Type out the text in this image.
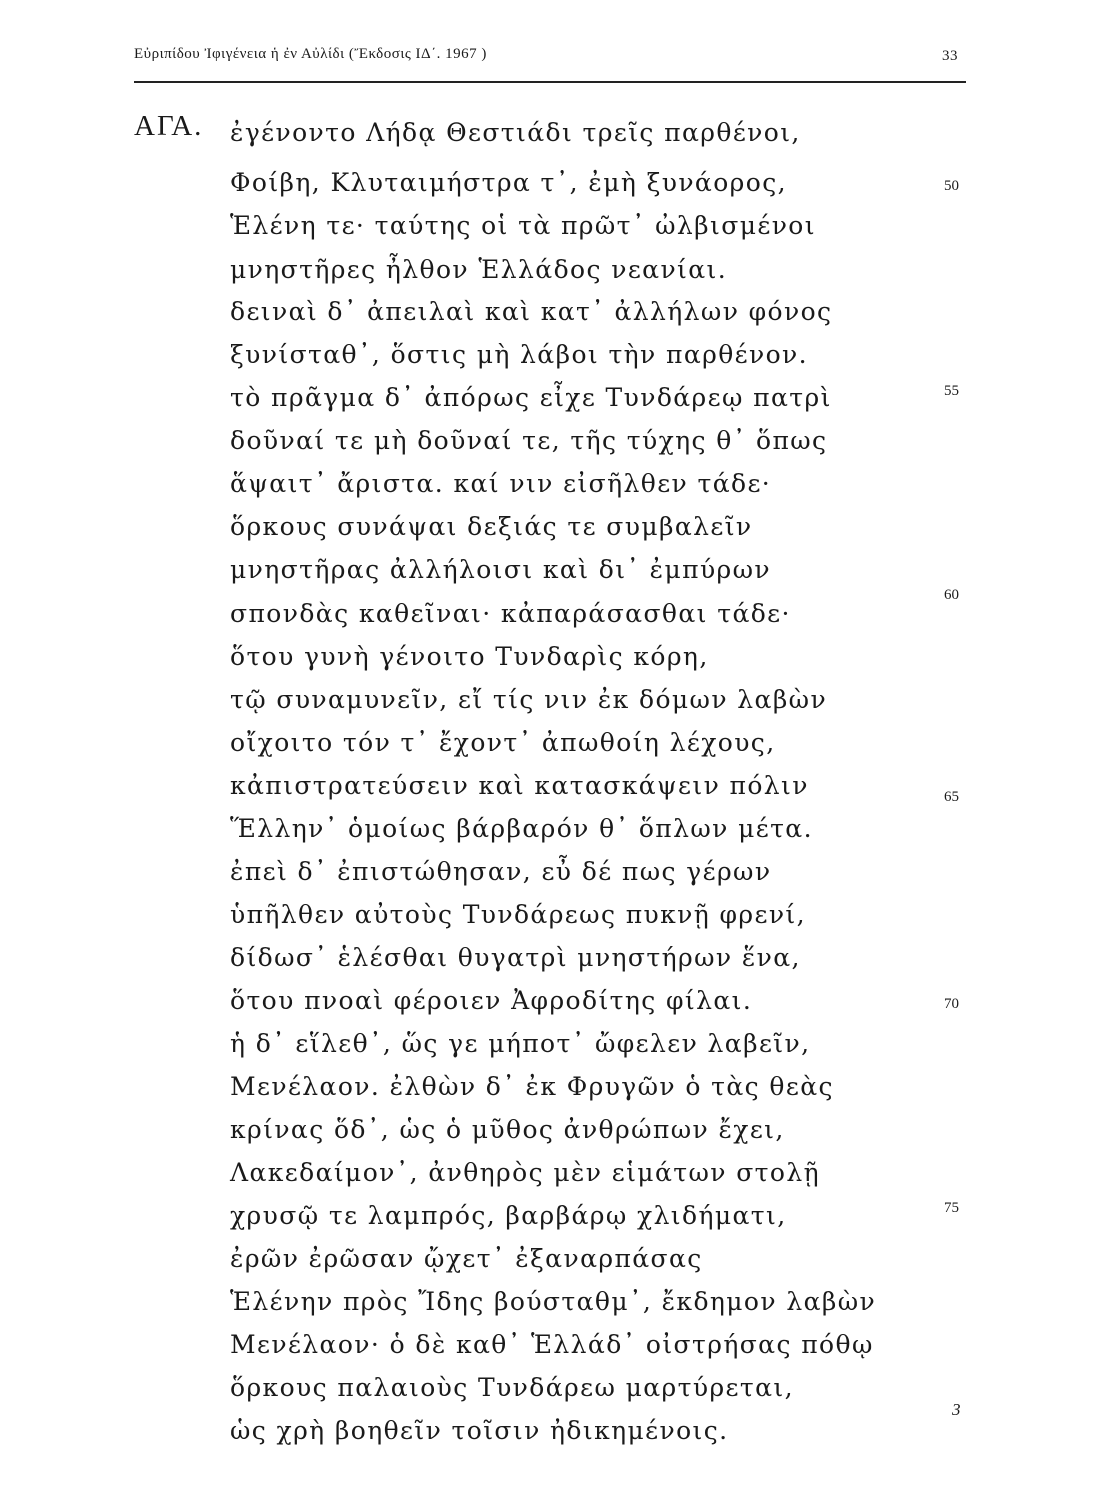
Εὐριπίδου Ἰφιγένεια ἡ ἐν Αὐλίδι (Ἔκδοσις ΙΔ΄. 1967 )	33
ΑΓΑ. ἐγένοντο Λήδᾳ Θεστιάδι τρεῖς παρθένοι,
Φοίβη, Κλυταιμήστρα τ᾿, ἐμὴ ξυνάορος,
Ἑλένη τε· ταύτης οἱ τὰ πρῶτ᾿ ὠλβισμένοι
μνηστῆρες ἦλθον Ἑλλάδος νεανίαι.
δειναὶ δ᾿ ἀπειλαὶ καὶ κατ᾿ ἀλλήλων φόνος
ξυνίσταθ᾿, ὅστις μὴ λάβοι τὴν παρθένον.
τὸ πρᾶγμα δ᾿ ἀπόρως εἶχε Τυνδάρεῳ πατρὶ
δοῦναί τε μὴ δοῦναί τε, τῆς τύχης θ᾿ ὅπως
ἅψαιτ᾿ ἄριστα. καί νιν εἰσῆλθεν τάδε·
ὅρκους συνάψαι δεξιάς τε συμβαλεῖν
μνηστῆρας ἀλλήλοισι καὶ δι᾿ ἐμπύρων
σπονδὰς καθεῖναι· κἀπαράσασθαι τάδε·
ὅτου γυνὴ γένοιτο Τυνδαρὶς κόρη,
τῷ συναμυνεῖν, εἴ τίς νιν ἐκ δόμων λαβὼν
οἴχοιτο τόν τ᾿ ἔχοντ᾿ ἀπωθοίη λέχους,
κἀπιστρατεύσειν καὶ κατασκάψειν πόλιν
Ἕλλην᾿ ὁμοίως βάρβαρόν θ᾿ ὅπλων μέτα.
ἐπεὶ δ᾿ ἐπιστώθησαν, εὖ δέ πως γέρων
ὑπῆλθεν αὐτοὺς Τυνδάρεως πυκνῇ φρενί,
δίδωσ᾿ ἑλέσθαι θυγατρὶ μνηστήρων ἕνα,
ὅτου πνοαὶ φέροιεν Ἀφροδίτης φίλαι.
ἡ δ᾿ εἵλεθ᾿, ὥς γε μήποτ᾿ ὤφελεν λαβεῖν,
Μενέλαον. ἐλθὼν δ᾿ ἐκ Φρυγῶν ὁ τὰς θεὰς
κρίνας ὅδ᾿, ὡς ὁ μῦθος ἀνθρώπων ἔχει,
Λακεδαίμον᾿, ἀνθηρὸς μὲν εἱμάτων στολῇ
χρυσῷ τε λαμπρός, βαρβάρῳ χλιδήματι,
ἐρῶν ἐρῶσαν ᾤχετ᾿ ἐξαναρπάσας
Ἑλένην πρὸς Ἴδης βούσταθμ᾿, ἔκδημον λαβὼν
Μενέλαον· ὁ δὲ καθ᾿ Ἑλλάδ᾿ οἰστρήσας πόθῳ
ὅρκους παλαιοὺς Τυνδάρεω μαρτύρεται,
ὡς χρὴ βοηθεῖν τοῖσιν ἠδικημένοις.
50
55
60
65
70
75
3
